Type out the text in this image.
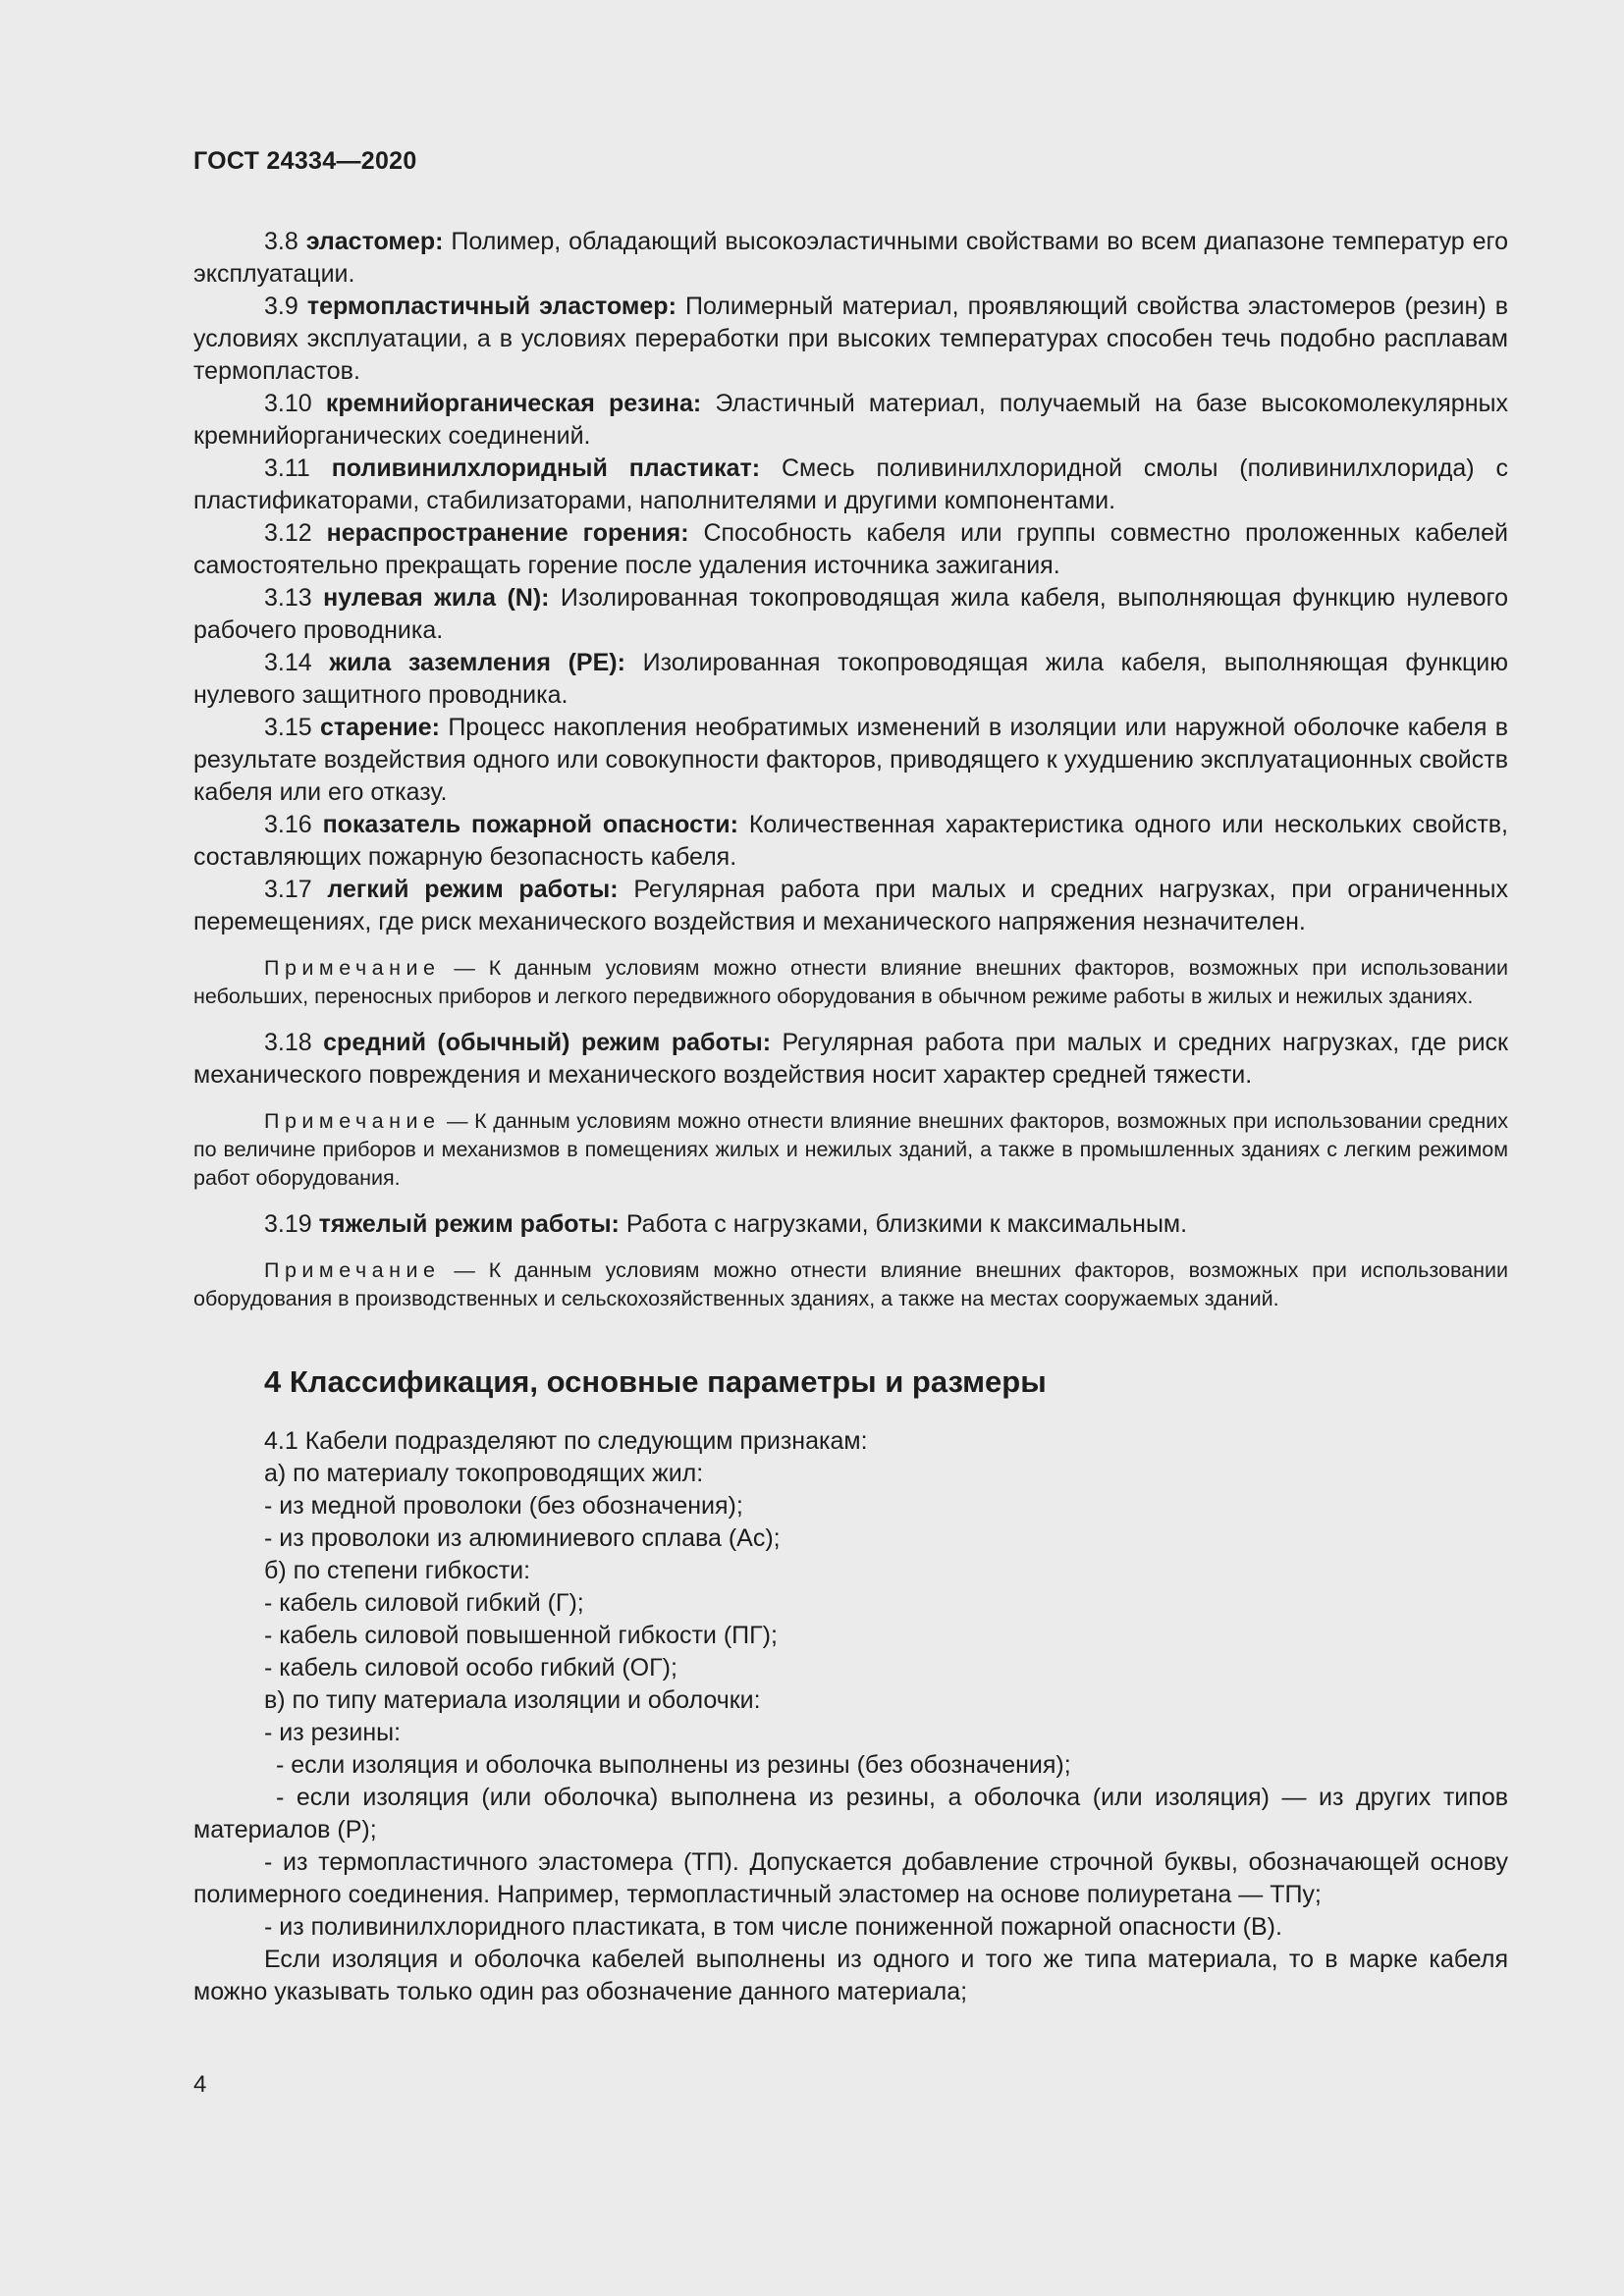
ГОСТ 24334—2020

3.8 эластомер: Полимер, обладающий высокоэластичными свойствами во всем диапазоне температур его эксплуатации.

3.9 термопластичный эластомер: Полимерный материал, проявляющий свойства эластомеров (резин) в условиях эксплуатации, а в условиях переработки при высоких температурах способен течь подобно расплавам термопластов.

3.10 кремнийорганическая резина: Эластичный материал, получаемый на базе высокомолекулярных кремнийорганических соединений.

3.11 поливинилхлоридный пластикат: Смесь поливинилхлоридной смолы (поливинилхлорида) с пластификаторами, стабилизаторами, наполнителями и другими компонентами.

3.12 нераспространение горения: Способность кабеля или группы совместно проложенных кабелей самостоятельно прекращать горение после удаления источника зажигания.

3.13 нулевая жила (N): Изолированная токопроводящая жила кабеля, выполняющая функцию нулевого рабочего проводника.

3.14 жила заземления (PE): Изолированная токопроводящая жила кабеля, выполняющая функцию нулевого защитного проводника.

3.15 старение: Процесс накопления необратимых изменений в изоляции или наружной оболочке кабеля в результате воздействия одного или совокупности факторов, приводящего к ухудшению эксплуатационных свойств кабеля или его отказу.

3.16 показатель пожарной опасности: Количественная характеристика одного или нескольких свойств, составляющих пожарную безопасность кабеля.

3.17 легкий режим работы: Регулярная работа при малых и средних нагрузках, при ограниченных перемещениях, где риск механического воздействия и механического напряжения незначителен.

Примечание — К данным условиям можно отнести влияние внешних факторов, возможных при использовании небольших, переносных приборов и легкого передвижного оборудования в обычном режиме работы в жилых и нежилых зданиях.

3.18 средний (обычный) режим работы: Регулярная работа при малых и средних нагрузках, где риск механического повреждения и механического воздействия носит характер средней тяжести.

Примечание — К данным условиям можно отнести влияние внешних факторов, возможных при использовании средних по величине приборов и механизмов в помещениях жилых и нежилых зданий, а также в промышленных зданиях с легким режимом работ оборудования.

3.19 тяжелый режим работы: Работа с нагрузками, близкими к максимальным.

Примечание — К данным условиям можно отнести влияние внешних факторов, возможных при использовании оборудования в производственных и сельскохозяйственных зданиях, а также на местах сооружаемых зданий.

4 Классификация, основные параметры и размеры

4.1 Кабели подразделяют по следующим признакам:

а) по материалу токопроводящих жил:

- из медной проволоки (без обозначения);

- из проволоки из алюминиевого сплава (Ас);

б) по степени гибкости:

- кабель силовой гибкий (Г);

- кабель силовой повышенной гибкости (ПГ);

- кабель силовой особо гибкий (ОГ);

в) по типу материала изоляции и оболочки:

- из резины:

- если изоляция и оболочка выполнены из резины (без обозначения);

- если изоляция (или оболочка) выполнена из резины, а оболочка (или изоляция) — из других типов материалов (Р);

- из термопластичного эластомера (ТП). Допускается добавление строчной буквы, обозначающей основу полимерного соединения. Например, термопластичный эластомер на основе полиуретана — ТПу;

- из поливинилхлоридного пластиката, в том числе пониженной пожарной опасности (В).

Если изоляция и оболочка кабелей выполнены из одного и того же типа материала, то в марке кабеля можно указывать только один раз обозначение данного материала;

4
